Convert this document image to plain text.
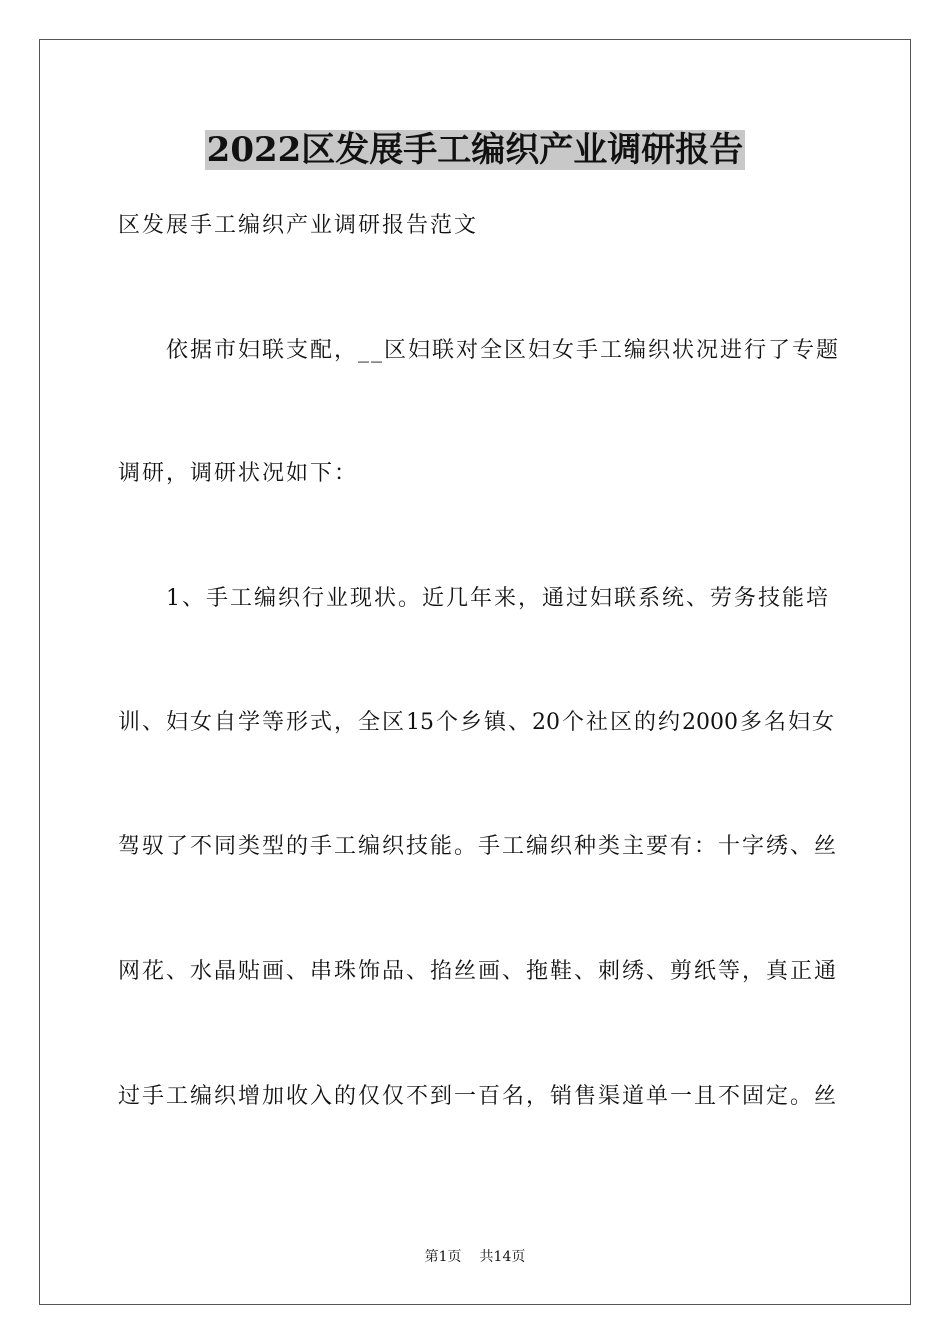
2022区发展手工编织产业调研报告
区发展手工编织产业调研报告范文
依据市妇联支配，__区妇联对全区妇女手工编织状况进行了专题
调研，调研状况如下：
1、手工编织行业现状。近几年来，通过妇联系统、劳务技能培
训、妇女自学等形式，全区15个乡镇、20个社区的约2000多名妇女
驾驭了不同类型的手工编织技能。手工编织种类主要有：十字绣、丝
网花、水晶贴画、串珠饰品、掐丝画、拖鞋、刺绣、剪纸等，真正通
过手工编织增加收入的仅仅不到一百名，销售渠道单一且不固定。丝
第1页 共14页
